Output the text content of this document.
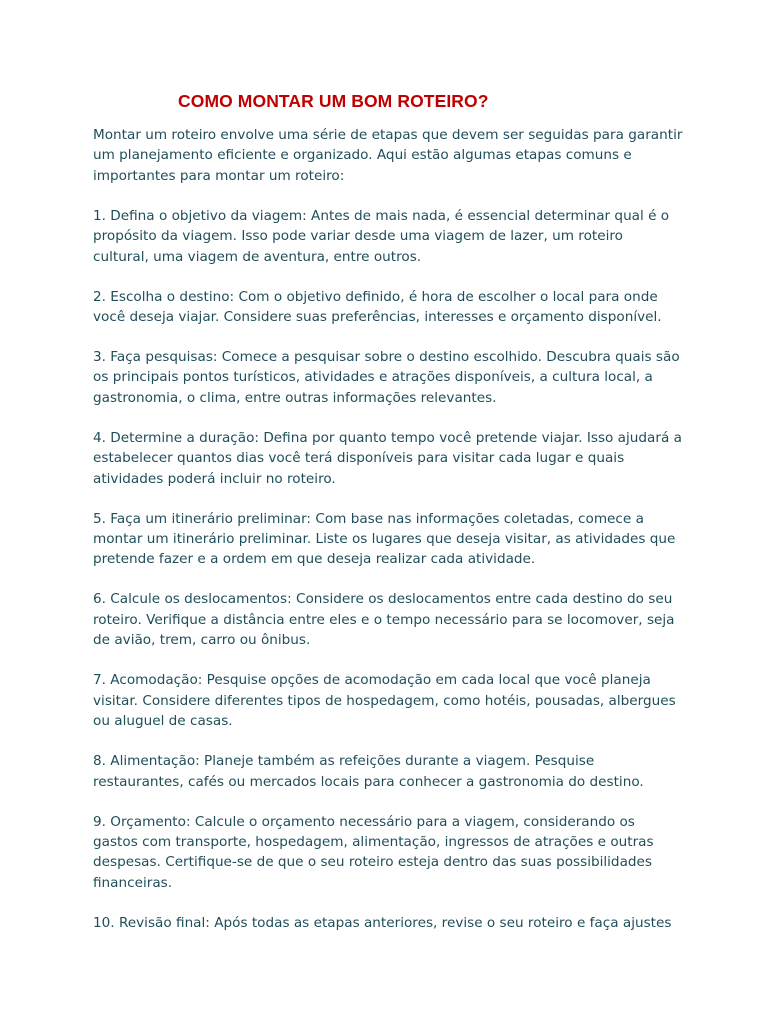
COMO MONTAR UM BOM ROTEIRO?

Montar um roteiro envolve uma série de etapas que devem ser seguidas para garantir um planejamento eficiente e organizado. Aqui estão algumas etapas comuns e importantes para montar um roteiro:

1. Defina o objetivo da viagem: Antes de mais nada, é essencial determinar qual é o propósito da viagem. Isso pode variar desde uma viagem de lazer, um roteiro cultural, uma viagem de aventura, entre outros.

2. Escolha o destino: Com o objetivo definido, é hora de escolher o local para onde você deseja viajar. Considere suas preferências, interesses e orçamento disponível.

3. Faça pesquisas: Comece a pesquisar sobre o destino escolhido. Descubra quais são os principais pontos turísticos, atividades e atrações disponíveis, a cultura local, a gastronomia, o clima, entre outras informações relevantes.

4. Determine a duração: Defina por quanto tempo você pretende viajar. Isso ajudará a estabelecer quantos dias você terá disponíveis para visitar cada lugar e quais atividades poderá incluir no roteiro.

5. Faça um itinerário preliminar: Com base nas informações coletadas, comece a montar um itinerário preliminar. Liste os lugares que deseja visitar, as atividades que pretende fazer e a ordem em que deseja realizar cada atividade.

6. Calcule os deslocamentos: Considere os deslocamentos entre cada destino do seu roteiro. Verifique a distância entre eles e o tempo necessário para se locomover, seja de avião, trem, carro ou ônibus.

7. Acomodação: Pesquise opções de acomodação em cada local que você planeja visitar. Considere diferentes tipos de hospedagem, como hotéis, pousadas, albergues ou aluguel de casas.

8. Alimentação: Planeje também as refeições durante a viagem. Pesquise restaurantes, cafés ou mercados locais para conhecer a gastronomia do destino.

9. Orçamento: Calcule o orçamento necessário para a viagem, considerando os gastos com transporte, hospedagem, alimentação, ingressos de atrações e outras despesas. Certifique-se de que o seu roteiro esteja dentro das suas possibilidades financeiras.

10. Revisão final: Após todas as etapas anteriores, revise o seu roteiro e faça ajustes
